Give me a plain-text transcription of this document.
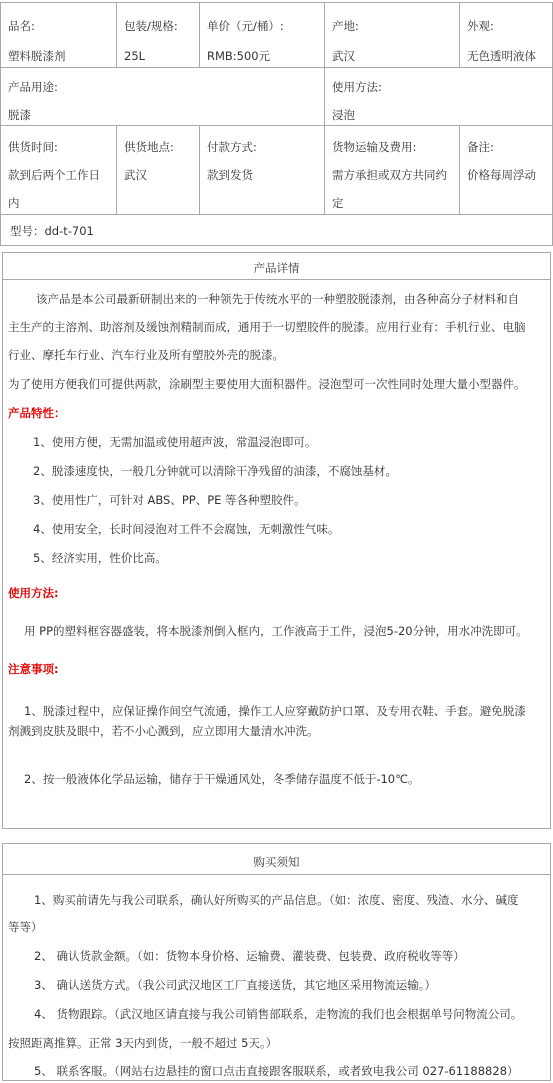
品名:
塑料脱漆剂
包装/规格:
25L
单价（元/桶）:
RMB:500元
产地:
武汉
外观:
无色透明液体
产品用途:
脱漆
使用方法:
浸泡
供货时间:
款到后两个工作日
内
供货地点:
武汉
付款方式:
款到发货
货物运输及费用:
需方承担或双方共同约
定
备注:
价格每周浮动
型号：dd-t-701
产品详情
该产品是本公司最新研制出来的一种领先于传统水平的一种塑胶脱漆剂，由各种高分子材料和自
主生产的主溶剂、助溶剂及缓蚀剂精制而成，通用于一切塑胶件的脱漆。应用行业有：手机行业、电脑
行业、摩托车行业、汽车行业及所有塑胶外壳的脱漆。
为了使用方便我们可提供两款，涂刷型主要使用大面积器件。浸泡型可一次性同时处理大量小型器件。
产品特性：
1、使用方便，无需加温或使用超声波，常温浸泡即可。
2、脱漆速度快，一般几分钟就可以清除干净残留的油漆，不腐蚀基材。
3、使用性广，可针对 ABS、PP、PE 等各种塑胶件。
4、使用安全，长时间浸泡对工件不会腐蚀，无刺激性气味。
5、经济实用，性价比高。
使用方法:
用 PP的塑料框容器盛装，将本脱漆剂倒入框内，工作液高于工件，浸泡5-20分钟，用水冲洗即可。
注意事项:
1、脱漆过程中，应保证操作间空气流通，操作工人应穿戴防护口罩、及专用衣鞋、手套。避免脱漆
剂溅到皮肤及眼中，若不小心溅到，应立即用大量清水冲洗。
2、按一般液体化学品运输，储存于干燥通风处，冬季储存温度不低于-10℃。
购买须知
1、购买前请先与我公司联系，确认好所购买的产品信息。（如：浓度、密度、残渣、水分、碱度
等等）
2、 确认货款金额。（如：货物本身价格、运输费、灌装费、包装费、政府税收等等）
3、 确认送货方式。（我公司武汉地区工厂直接送货，其它地区采用物流运输。）
4、 货物跟踪。（武汉地区请直接与我公司销售部联系，走物流的我们也会根据单号问物流公司。
按照距离推算。正常 3天内到货，一般不超过 5天。）
5、 联系客服。（网站右边悬挂的窗口点击直接跟客服联系，或者致电我公司 027-61188828）
